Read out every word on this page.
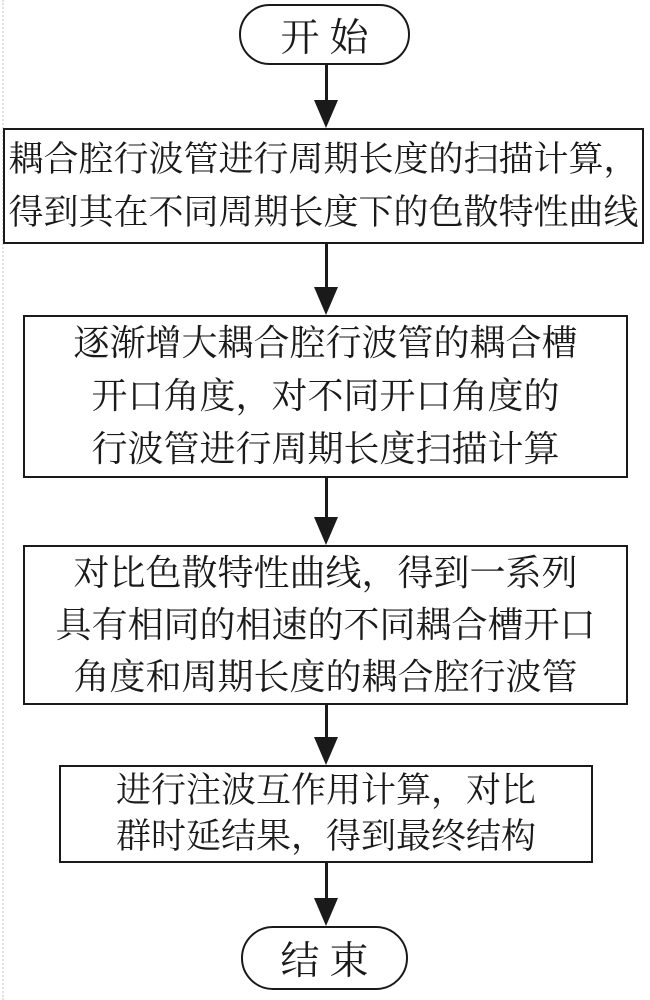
开始
耦合腔行波管进行周期长度的扫描计算，
得到其在不同周期长度下的色散特性曲线
逐渐增大耦合腔行波管的耦合槽
开口角度，对不同开口角度的
行波管进行周期长度扫描计算
对比色散特性曲线，得到一系列
具有相同的相速的不同耦合槽开口
角度和周期长度的耦合腔行波管
进行注波互作用计算，对比
群时延结果，得到最终结构
结束
